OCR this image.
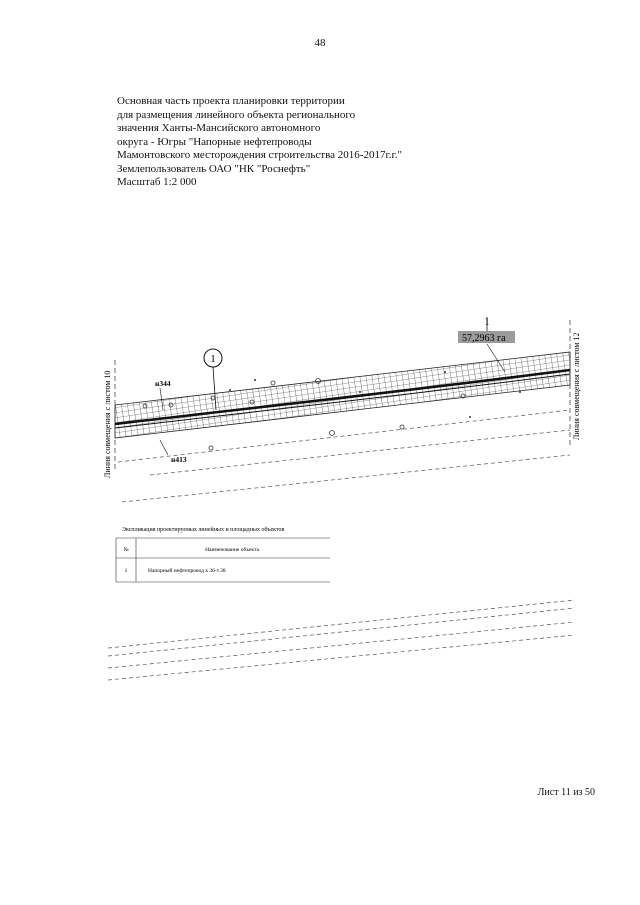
48
Основная часть проекта планировки территории
для размещения линейного объекта регионального
значения Ханты-Мансийского автономного
округа - Югры "Напорные нефтепроводы
Мамонтовского месторождения строительства 2016-2017г.г."
Землепользователь ОАО "НК "Роснефть"
Масштаб 1:2 000
1
1
57,2963 га
н344
н413
Линия совмещения с листом 10	Линия совмещения с листом 12
Экспликация проектируемых линейных и площадных объектов
№	Наименование объекта
1	Напорный нефтепровод к 36-т.38
Лист 11 из 50
